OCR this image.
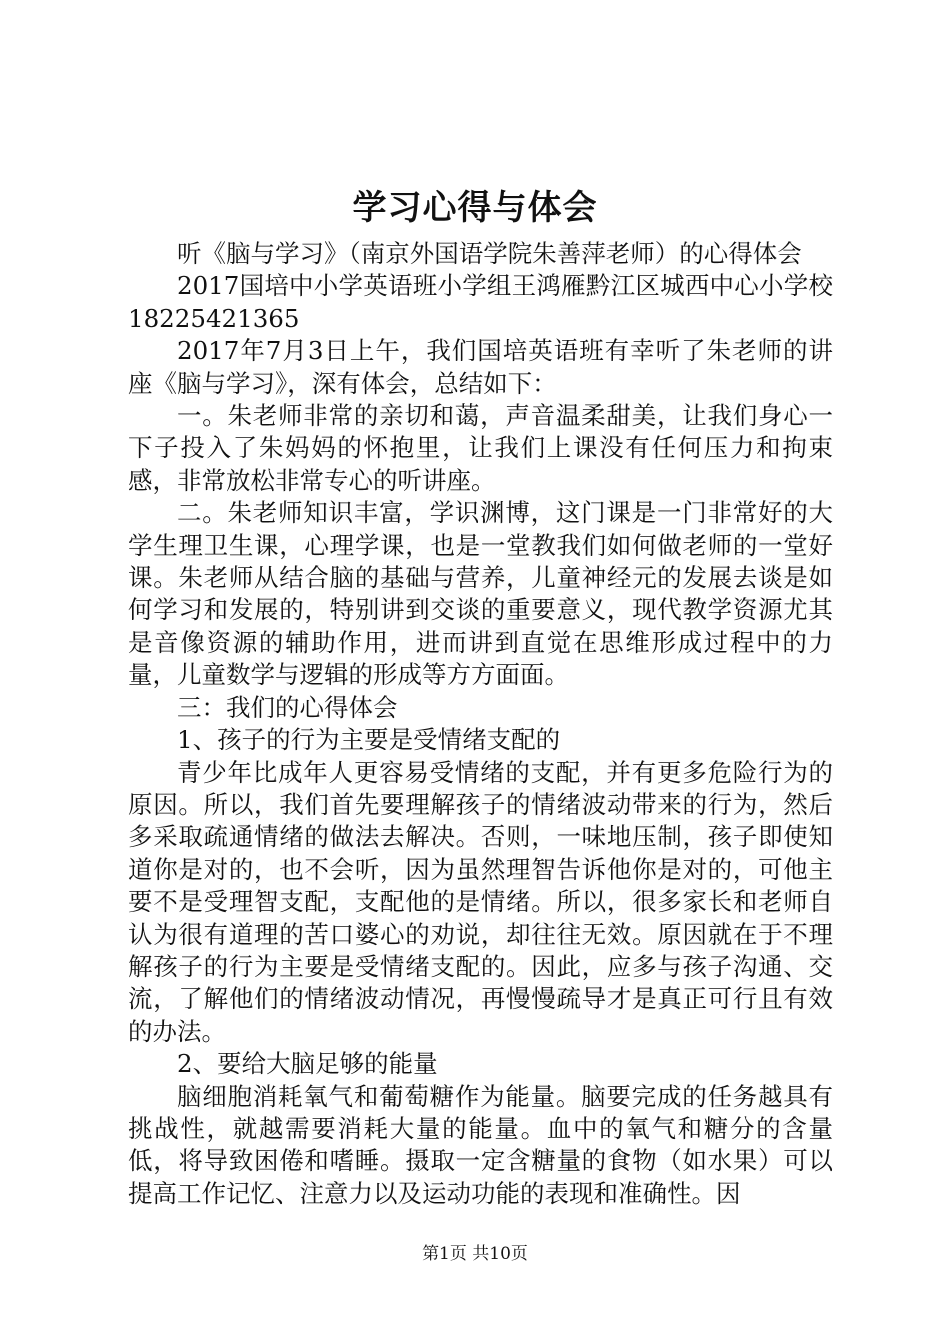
学习心得与体会

听《脑与学习》（南京外国语学院朱善萍老师）的心得体会

2017国培中小学英语班小学组王鸿雁黔江区城西中心小学校18225421365

2017年7月3日上午，我们国培英语班有幸听了朱老师的讲座《脑与学习》，深有体会，总结如下：

一。朱老师非常的亲切和蔼，声音温柔甜美，让我们身心一下子投入了朱妈妈的怀抱里，让我们上课没有任何压力和拘束感，非常放松非常专心的听讲座。

二。朱老师知识丰富，学识渊博，这门课是一门非常好的大学生理卫生课，心理学课，也是一堂教我们如何做老师的一堂好课。朱老师从结合脑的基础与营养，儿童神经元的发展去谈是如何学习和发展的，特别讲到交谈的重要意义，现代教学资源尤其是音像资源的辅助作用，进而讲到直觉在思维形成过程中的力量，儿童数学与逻辑的形成等方方面面。

三：我们的心得体会

1、孩子的行为主要是受情绪支配的

青少年比成年人更容易受情绪的支配，并有更多危险行为的原因。所以，我们首先要理解孩子的情绪波动带来的行为，然后多采取疏通情绪的做法去解决。否则，一味地压制，孩子即使知道你是对的，也不会听，因为虽然理智告诉他你是对的，可他主要不是受理智支配，支配他的是情绪。所以，很多家长和老师自认为很有道理的苦口婆心的劝说，却往往无效。原因就在于不理解孩子的行为主要是受情绪支配的。因此，应多与孩子沟通、交流，了解他们的情绪波动情况，再慢慢疏导才是真正可行且有效的办法。

2、要给大脑足够的能量

脑细胞消耗氧气和葡萄糖作为能量。脑要完成的任务越具有挑战性，就越需要消耗大量的能量。血中的氧气和糖分的含量低，将导致困倦和嗜睡。摄取一定含糖量的食物（如水果）可以提高工作记忆、注意力以及运动功能的表现和准确性。因

第1页 共10页
